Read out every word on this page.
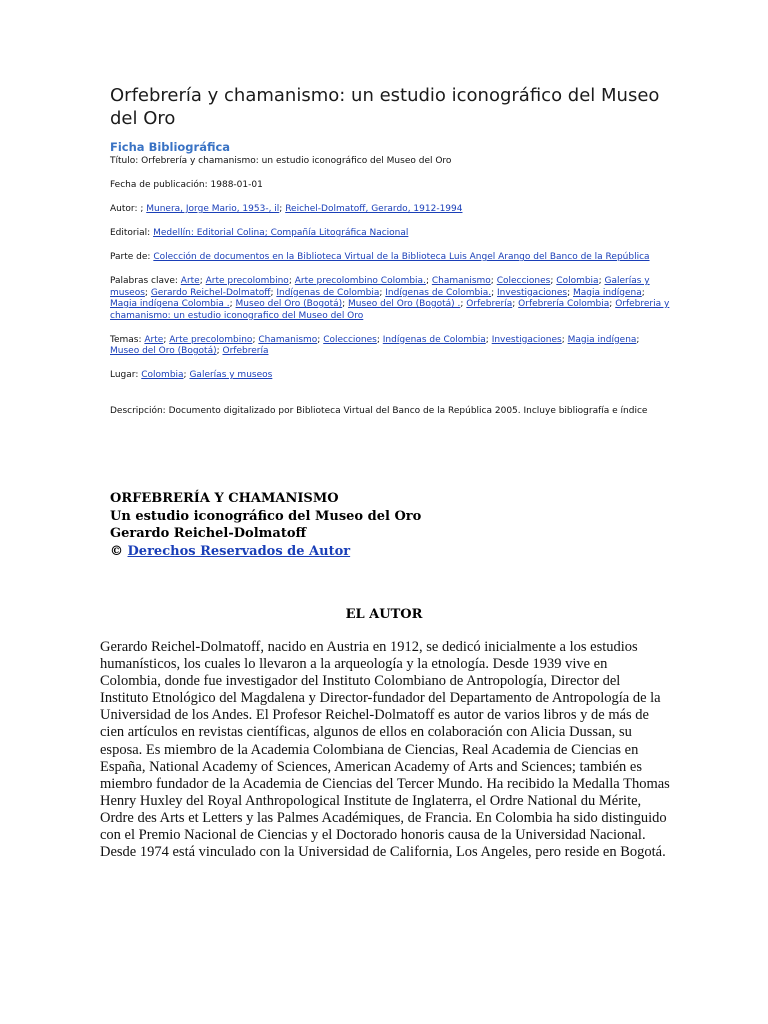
Orfebrería y chamanismo: un estudio iconográfico del Museo del Oro
Ficha Bibliográfica
Título: Orfebrería y chamanismo: un estudio iconográfico del Museo del Oro
Fecha de publicación: 1988-01-01
Autor: ; Munera, Jorge Mario, 1953-, il; Reichel-Dolmatoff, Gerardo, 1912-1994
Editorial: Medellín: Editorial Colina; Compañía Litográfica Nacional
Parte de: Colección de documentos en la Biblioteca Virtual de la Biblioteca Luis Angel Arango del Banco de la República
Palabras clave: Arte; Arte precolombino; Arte precolombino Colombia.; Chamanismo; Colecciones; Colombia; Galerías y museos; Gerardo Reichel-Dolmatoff; Indígenas de Colombia; Indígenas de Colombia.; Investigaciones; Magia indígena; Magia indígena Colombia .; Museo del Oro (Bogotá); Museo del Oro (Bogotá) .; Orfebrería; Orfebrería Colombia; Orfebreria y chamanismo: un estudio iconografico del Museo del Oro
Temas: Arte; Arte precolombino; Chamanismo; Colecciones; Indígenas de Colombia; Investigaciones; Magia indígena; Museo del Oro (Bogotá); Orfebrería
Lugar: Colombia; Galerías y museos
Descripción: Documento digitalizado por Biblioteca Virtual del Banco de la República 2005. Incluye bibliografía e índice
ORFEBRERÍA Y CHAMANISMO
Un estudio iconográfico del Museo del Oro
Gerardo Reichel-Dolmatoff
© Derechos Reservados de Autor
EL AUTOR

Gerardo Reichel-Dolmatoff, nacido en Austria en 1912, se dedicó inicialmente a los estudios humanísticos, los cuales lo llevaron a la arqueología y la etnología. Desde 1939 vive en Colombia, donde fue investigador del Instituto Colombiano de Antropología, Director del Instituto Etnológico del Magdalena y Director-fundador del Departamento de Antropología de la Universidad de los Andes. El Profesor Reichel-Dolmatoff es autor de varios libros y de más de cien artículos en revistas científicas, algunos de ellos en colaboración con Alicia Dussan, su esposa. Es miembro de la Academia Colombiana de Ciencias, Real Academia de Ciencias en España, National Academy of Sciences, American Academy of Arts and Sciences; también es miembro fundador de la Academia de Ciencias del Tercer Mundo. Ha recibido la Medalla Thomas Henry Huxley del Royal Anthropological Institute de Inglaterra, el Ordre National du Mérite, Ordre des Arts et Letters y las Palmes Académiques, de Francia. En Colombia ha sido distinguido con el Premio Nacional de Ciencias y el Doctorado honoris causa de la Universidad Nacional. Desde 1974 está vinculado con la Universidad de California, Los Angeles, pero reside en Bogotá.
